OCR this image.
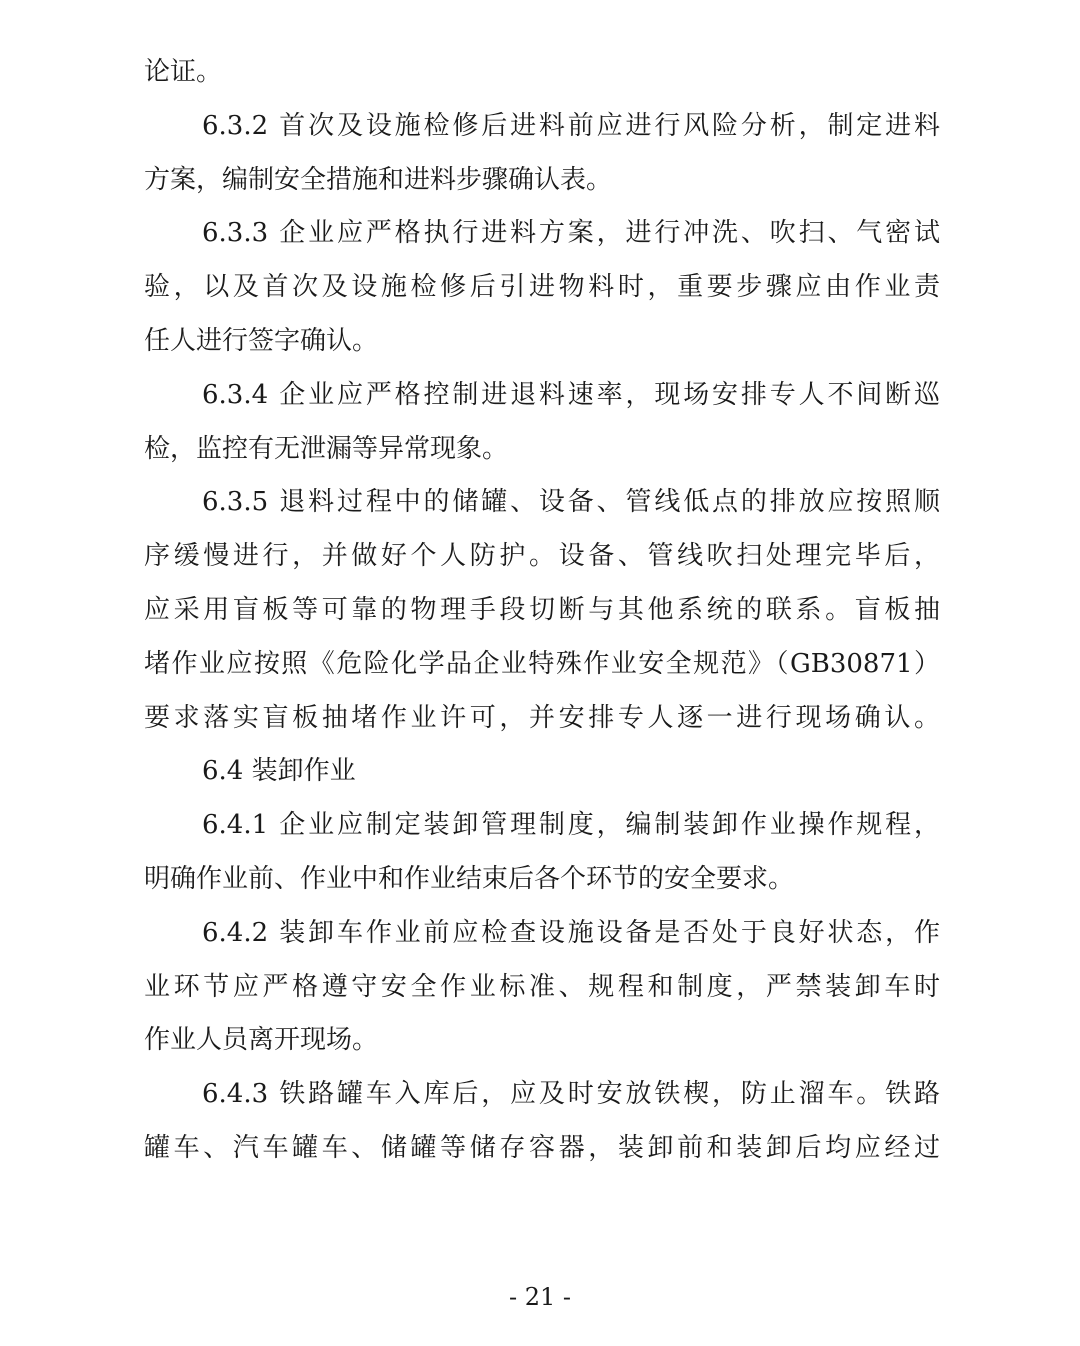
论证。
6.3.2 首次及设施检修后进料前应进行风险分析，制定进料
方案，编制安全措施和进料步骤确认表。
6.3.3 企业应严格执行进料方案，进行冲洗、吹扫、气密试
验，以及首次及设施检修后引进物料时，重要步骤应由作业责
任人进行签字确认。
6.3.4 企业应严格控制进退料速率，现场安排专人不间断巡
检，监控有无泄漏等异常现象。
6.3.5 退料过程中的储罐、设备、管线低点的排放应按照顺
序缓慢进行，并做好个人防护。设备、管线吹扫处理完毕后，
应采用盲板等可靠的物理手段切断与其他系统的联系。盲板抽
堵作业应按照《危险化学品企业特殊作业安全规范》（GB30871）
要求落实盲板抽堵作业许可，并安排专人逐一进行现场确认。
6.4 装卸作业
6.4.1 企业应制定装卸管理制度，编制装卸作业操作规程，
明确作业前、作业中和作业结束后各个环节的安全要求。
6.4.2 装卸车作业前应检查设施设备是否处于良好状态，作
业环节应严格遵守安全作业标准、规程和制度，严禁装卸车时
作业人员离开现场。
6.4.3 铁路罐车入库后，应及时安放铁楔，防止溜车。铁路
罐车、汽车罐车、储罐等储存容器，装卸前和装卸后均应经过
- 21 -
